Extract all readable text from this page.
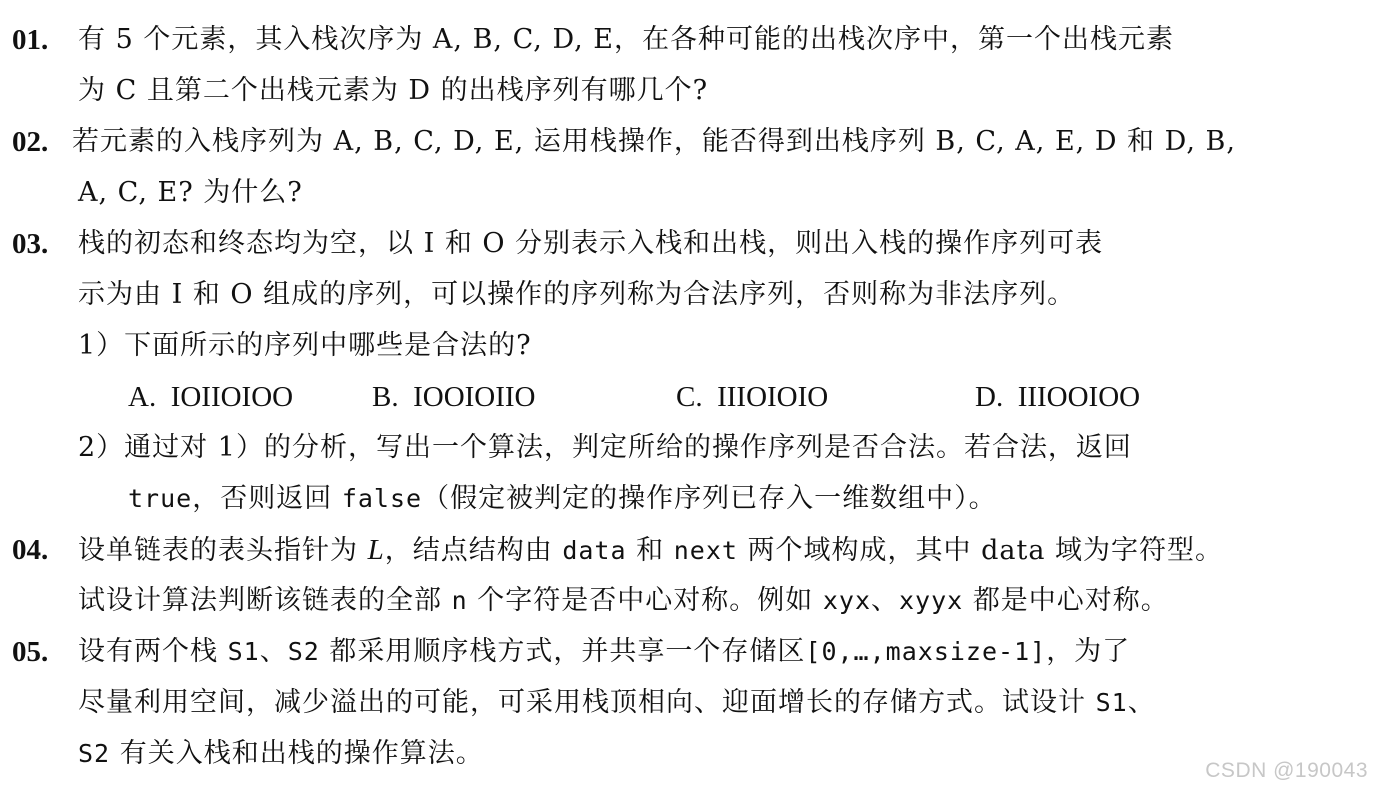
01. 有 5 个元素，其入栈次序为 A, B, C, D, E，在各种可能的出栈次序中，第一个出栈元素
为 C 且第二个出栈元素为 D 的出栈序列有哪几个?
02. 若元素的入栈序列为 A, B, C, D, E, 运用栈操作，能否得到出栈序列 B, C, A, E, D 和 D, B,
A, C, E? 为什么?
03. 栈的初态和终态均为空，以 I 和 O 分别表示入栈和出栈，则出入栈的操作序列可表
示为由 I 和 O 组成的序列，可以操作的序列称为合法序列，否则称为非法序列。
1）下面所示的序列中哪些是合法的?
A. IOIIOIOO	B. IOOIOIIO	C. IIIOIOIO	D. IIIOOIOO
2）通过对 1）的分析，写出一个算法，判定所给的操作序列是否合法。若合法，返回
true，否则返回 false（假定被判定的操作序列已存入一维数组中）。
04. 设单链表的表头指针为 L，结点结构由 data 和 next 两个域构成，其中 data 域为字符型。
试设计算法判断该链表的全部 n 个字符是否中心对称。例如 xyx、xyyx 都是中心对称。
05. 设有两个栈 S1、S2 都采用顺序栈方式，并共享一个存储区[0,…,maxsize-1]，为了
尽量利用空间，减少溢出的可能，可采用栈顶相向、迎面增长的存储方式。试设计 S1、
S2 有关入栈和出栈的操作算法。
CSDN @190043
